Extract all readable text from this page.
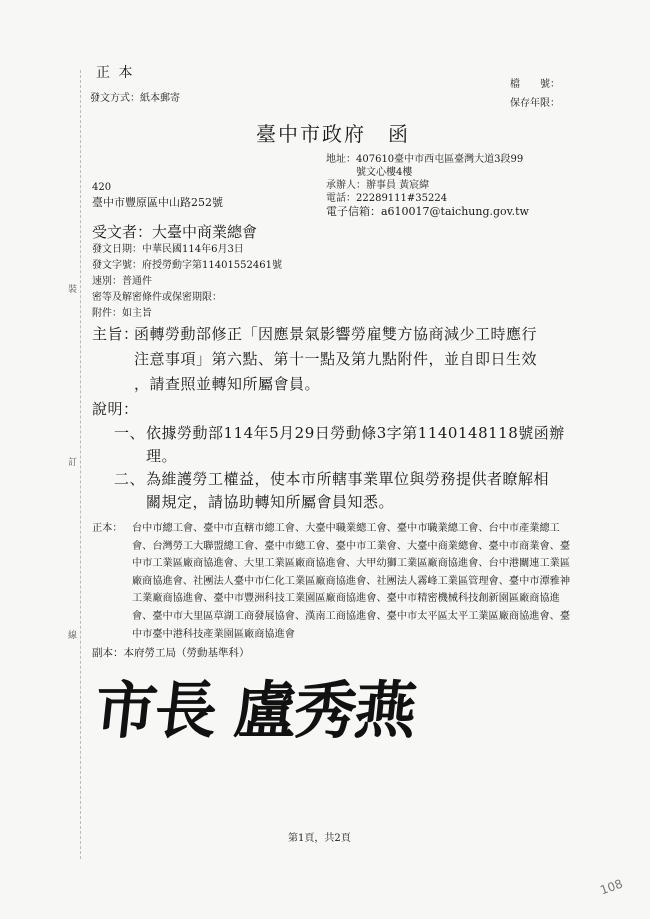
裝
訂
線
正 本
發文方式：紙本郵寄
檔　　號：
保存年限：
臺中市政府　函
地址：407610臺中市西屯區臺灣大道3段99
號文心樓4樓
承辦人：辦事員 黃宸緯
電話：22289111#35224
電子信箱：a610017@taichung.gov.tw
420
臺中市豐原區中山路252號
受文者：大臺中商業總會
發文日期：中華民國114年6月3日
發文字號：府授勞動字第11401552461號
速別：普通件
密等及解密條件或保密期限：
附件：如主旨
主旨：
函轉勞動部修正「因應景氣影響勞雇雙方協商減少工時應行
注意事項」第六點、第十一點及第九點附件，並自即日生效
，請查照並轉知所屬會員。
說明：
一、 依據勞動部114年5月29日勞動條3字第1140148118號函辦
理。
二、 為維護勞工權益，使本市所轄事業單位與勞務提供者瞭解相
關規定，請協助轉知所屬會員知悉。
正本： 台中市總工會、臺中市直轄市總工會、大臺中職業總工會、臺中市職業總工會、台中市產業總工會、台灣勞工大聯盟總工會、臺中市總工會、臺中市工業會、大臺中商業總會、臺中市商業會、臺中市工業區廠商協進會、大里工業區廠商協進會、大甲幼獅工業區廠商協進會、台中港關連工業區廠商協進會、社團法人臺中市仁化工業區廠商協進會、社團法人霧峰工業區管理會、臺中市潭雅神工業廠商協進會、臺中市豐洲科技工業園區廠商協進會、臺中市精密機械科技創新園區廠商協進會、臺中市大里區草湖工商發展協會、漢南工商協進會、臺中市太平區太平工業區廠商協進會、臺中市臺中港科技產業園區廠商協進會
副本：本府勞工局（勞動基準科）
市長 盧秀燕
第1頁，共2頁
108
